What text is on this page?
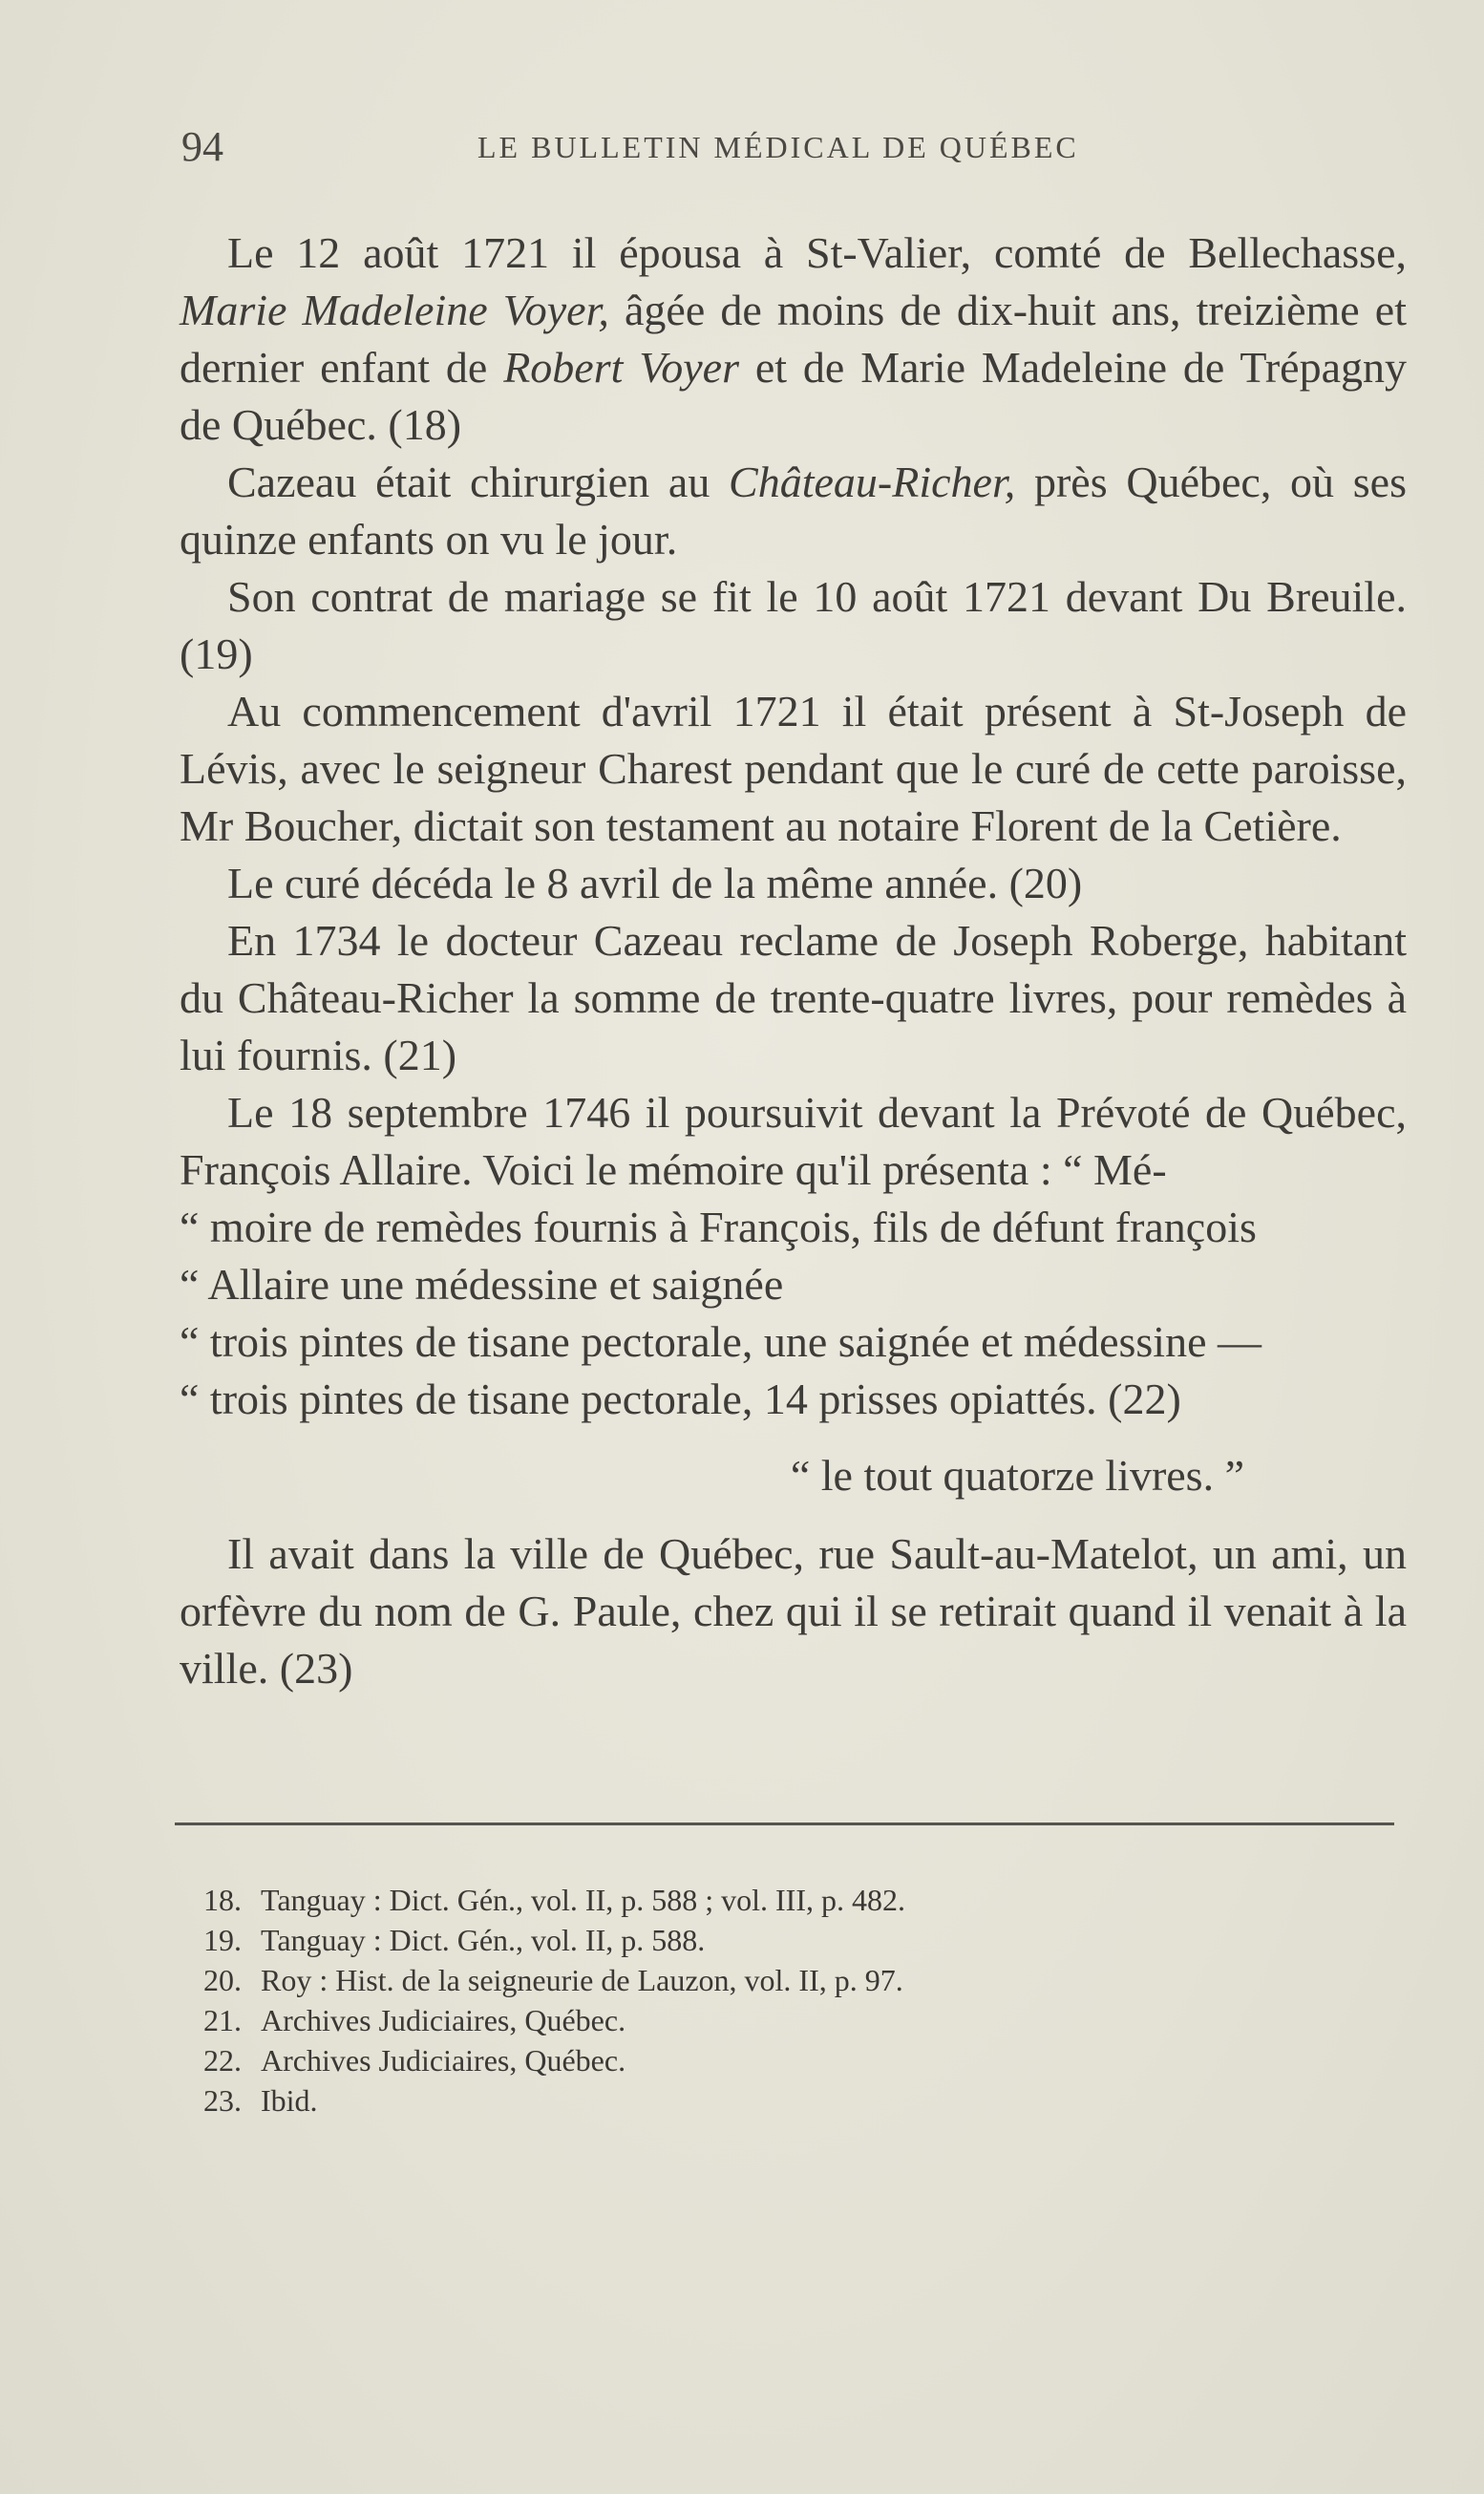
94	LE BULLETIN MÉDICAL DE QUÉBEC

Le 12 août 1721 il épousa à St-Valier, comté de Bellechasse, Marie Madeleine Voyer, âgée de moins de dix-huit ans, treizième et dernier enfant de Robert Voyer et de Marie Madeleine de Trépagny de Québec. (18)

Cazeau était chirurgien au Château-Richer, près Québec, où ses quinze enfants on vu le jour.

Son contrat de mariage se fit le 10 août 1721 devant Du Breuile. (19)

Au commencement d'avril 1721 il était présent à St-Joseph de Lévis, avec le seigneur Charest pendant que le curé de cette paroisse, Mr Boucher, dictait son testament au notaire Florent de la Cetière.

Le curé décéda le 8 avril de la même année. (20)

En 1734 le docteur Cazeau reclame de Joseph Roberge, habitant du Château-Richer la somme de trente-quatre livres, pour remèdes à lui fournis. (21)

Le 18 septembre 1746 il poursuivit devant la Prévoté de Québec, François Allaire. Voici le mémoire qu'il présenta : “ Mé-

“ moire de remèdes fournis à François, fils de défunt françois

“ Allaire une médessine et saignée

“ trois pintes de tisane pectorale, une saignée et médessine —

“ trois pintes de tisane pectorale, 14 prisses opiattés. (22)

“ le tout quatorze livres. ”

Il avait dans la ville de Québec, rue Sault-au-Matelot, un ami, un orfèvre du nom de G. Paule, chez qui il se retirait quand il venait à la ville. (23)

18. Tanguay : Dict. Gén., vol. II, p. 588 ; vol. III, p. 482.

19. Tanguay : Dict. Gén., vol. II, p. 588.

20. Roy : Hist. de la seigneurie de Lauzon, vol. II, p. 97.

21. Archives Judiciaires, Québec.

22. Archives Judiciaires, Québec.

23. Ibid.
